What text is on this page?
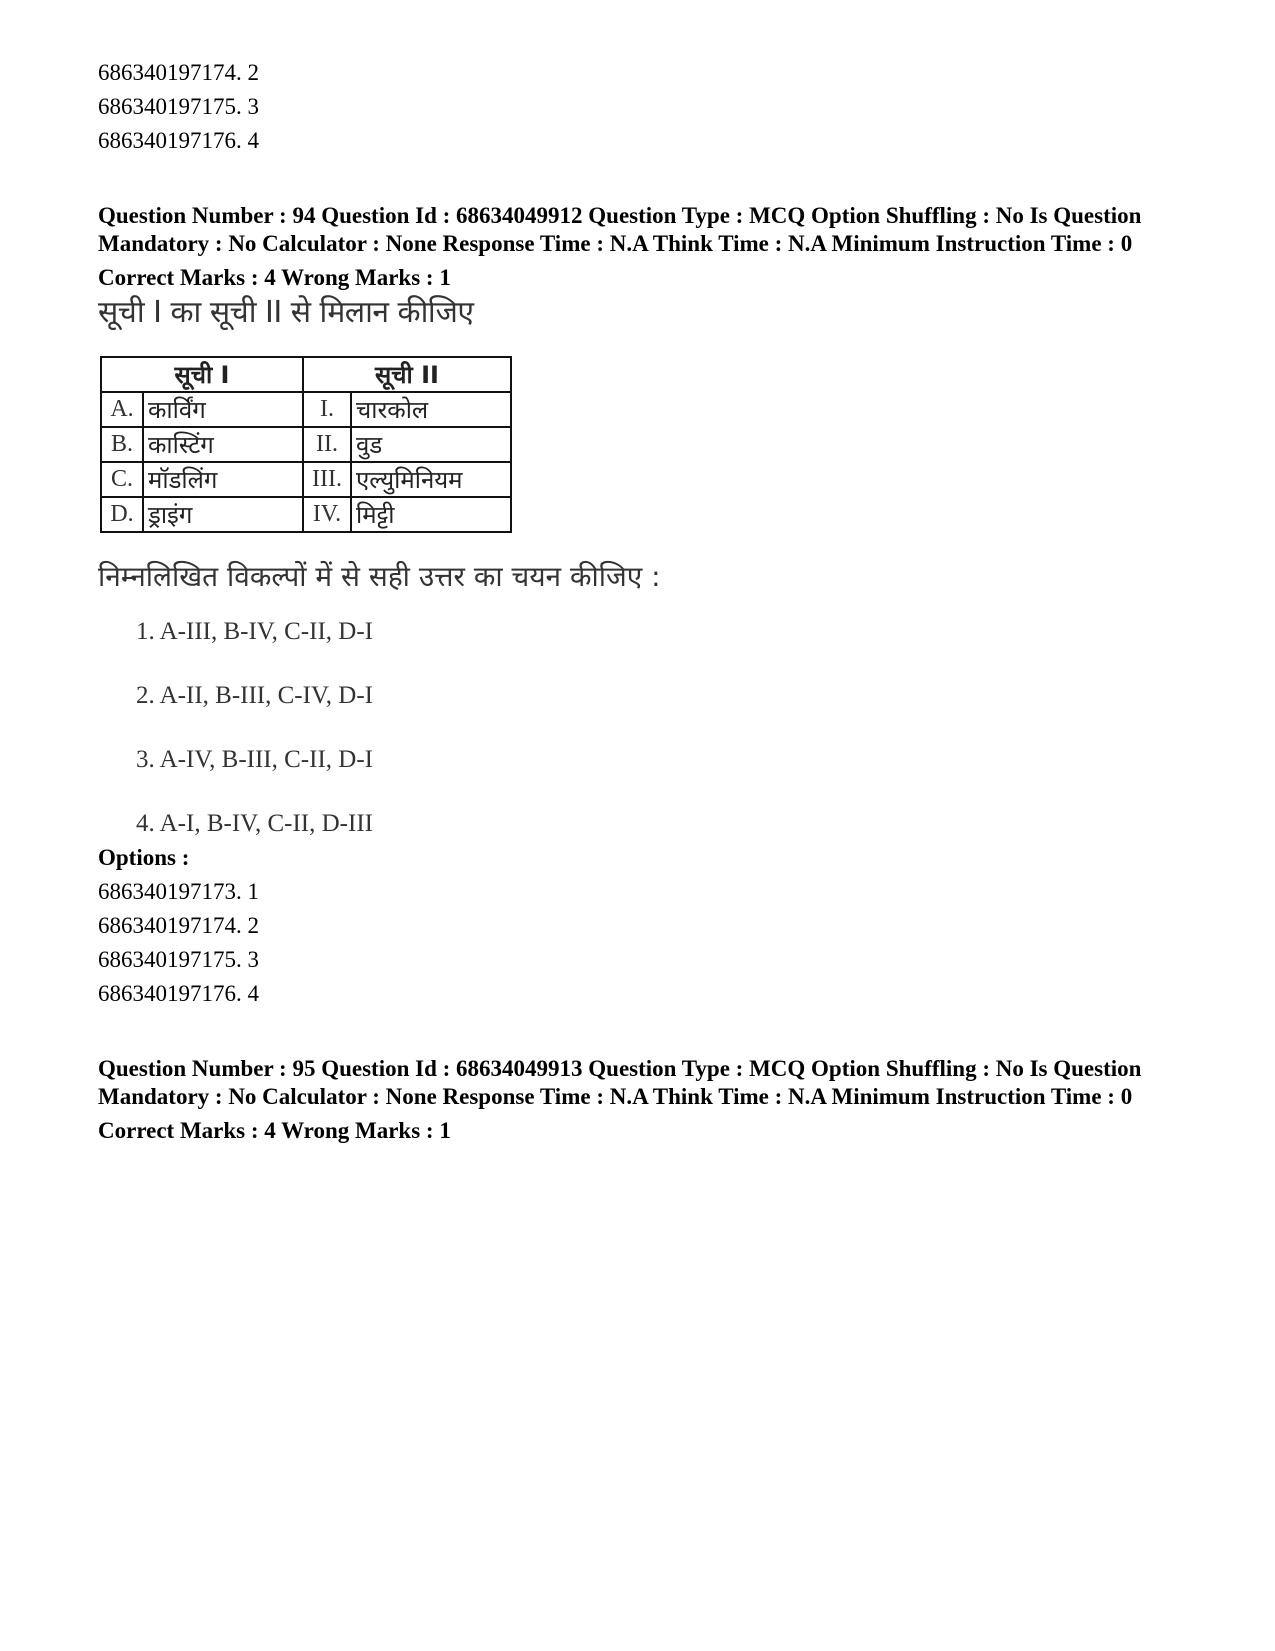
686340197174. 2
686340197175. 3
686340197176. 4
Question Number : 94 Question Id : 68634049912 Question Type : MCQ Option Shuffling : No Is Question Mandatory : No Calculator : None Response Time : N.A Think Time : N.A Minimum Instruction Time : 0
Correct Marks : 4 Wrong Marks : 1
सूची I का सूची II से मिलान कीजिए
सूची I		सूची II	
A.	कार्विंग	I.	चारकोल
B.	कास्टिंग	II.	वुड
C.	मॉडलिंग	III.	एल्युमिनियम
D.	ड्राइंग	IV.	मिट्टी
निम्नलिखित विकल्पों में से सही उत्तर का चयन कीजिए :
1. A-III, B-IV, C-II, D-I
2. A-II, B-III, C-IV, D-I
3. A-IV, B-III, C-II, D-I
4. A-I, B-IV, C-II, D-III
Options :
686340197173. 1
686340197174. 2
686340197175. 3
686340197176. 4
Question Number : 95 Question Id : 68634049913 Question Type : MCQ Option Shuffling : No Is Question Mandatory : No Calculator : None Response Time : N.A Think Time : N.A Minimum Instruction Time : 0
Correct Marks : 4 Wrong Marks : 1
